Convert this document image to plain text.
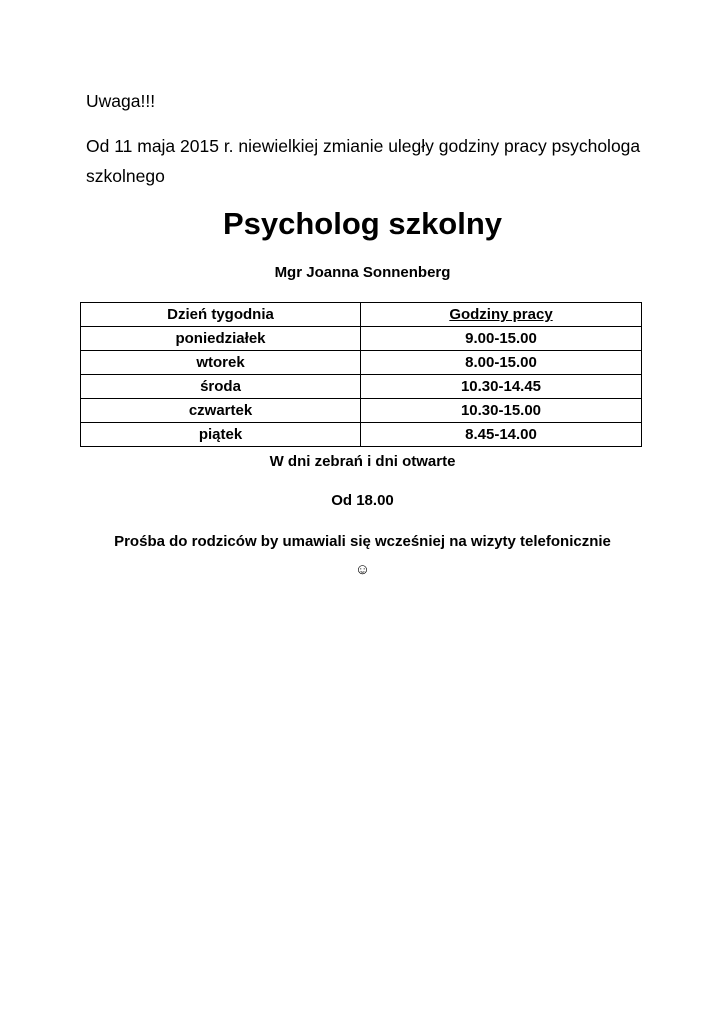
Uwaga!!!
Od 11 maja 2015 r. niewielkiej zmianie uległy godziny pracy psychologa szkolnego
Psycholog szkolny
Mgr Joanna Sonnenberg
Dzień tygodnia	Godziny pracy
poniedziałek	9.00-15.00
wtorek	8.00-15.00
środa	10.30-14.45
czwartek	10.30-15.00
piątek	8.45-14.00
W dni zebrań i dni otwarte
Od 18.00
Prośba do rodziców by umawiali się wcześniej na wizyty telefonicznie☺
